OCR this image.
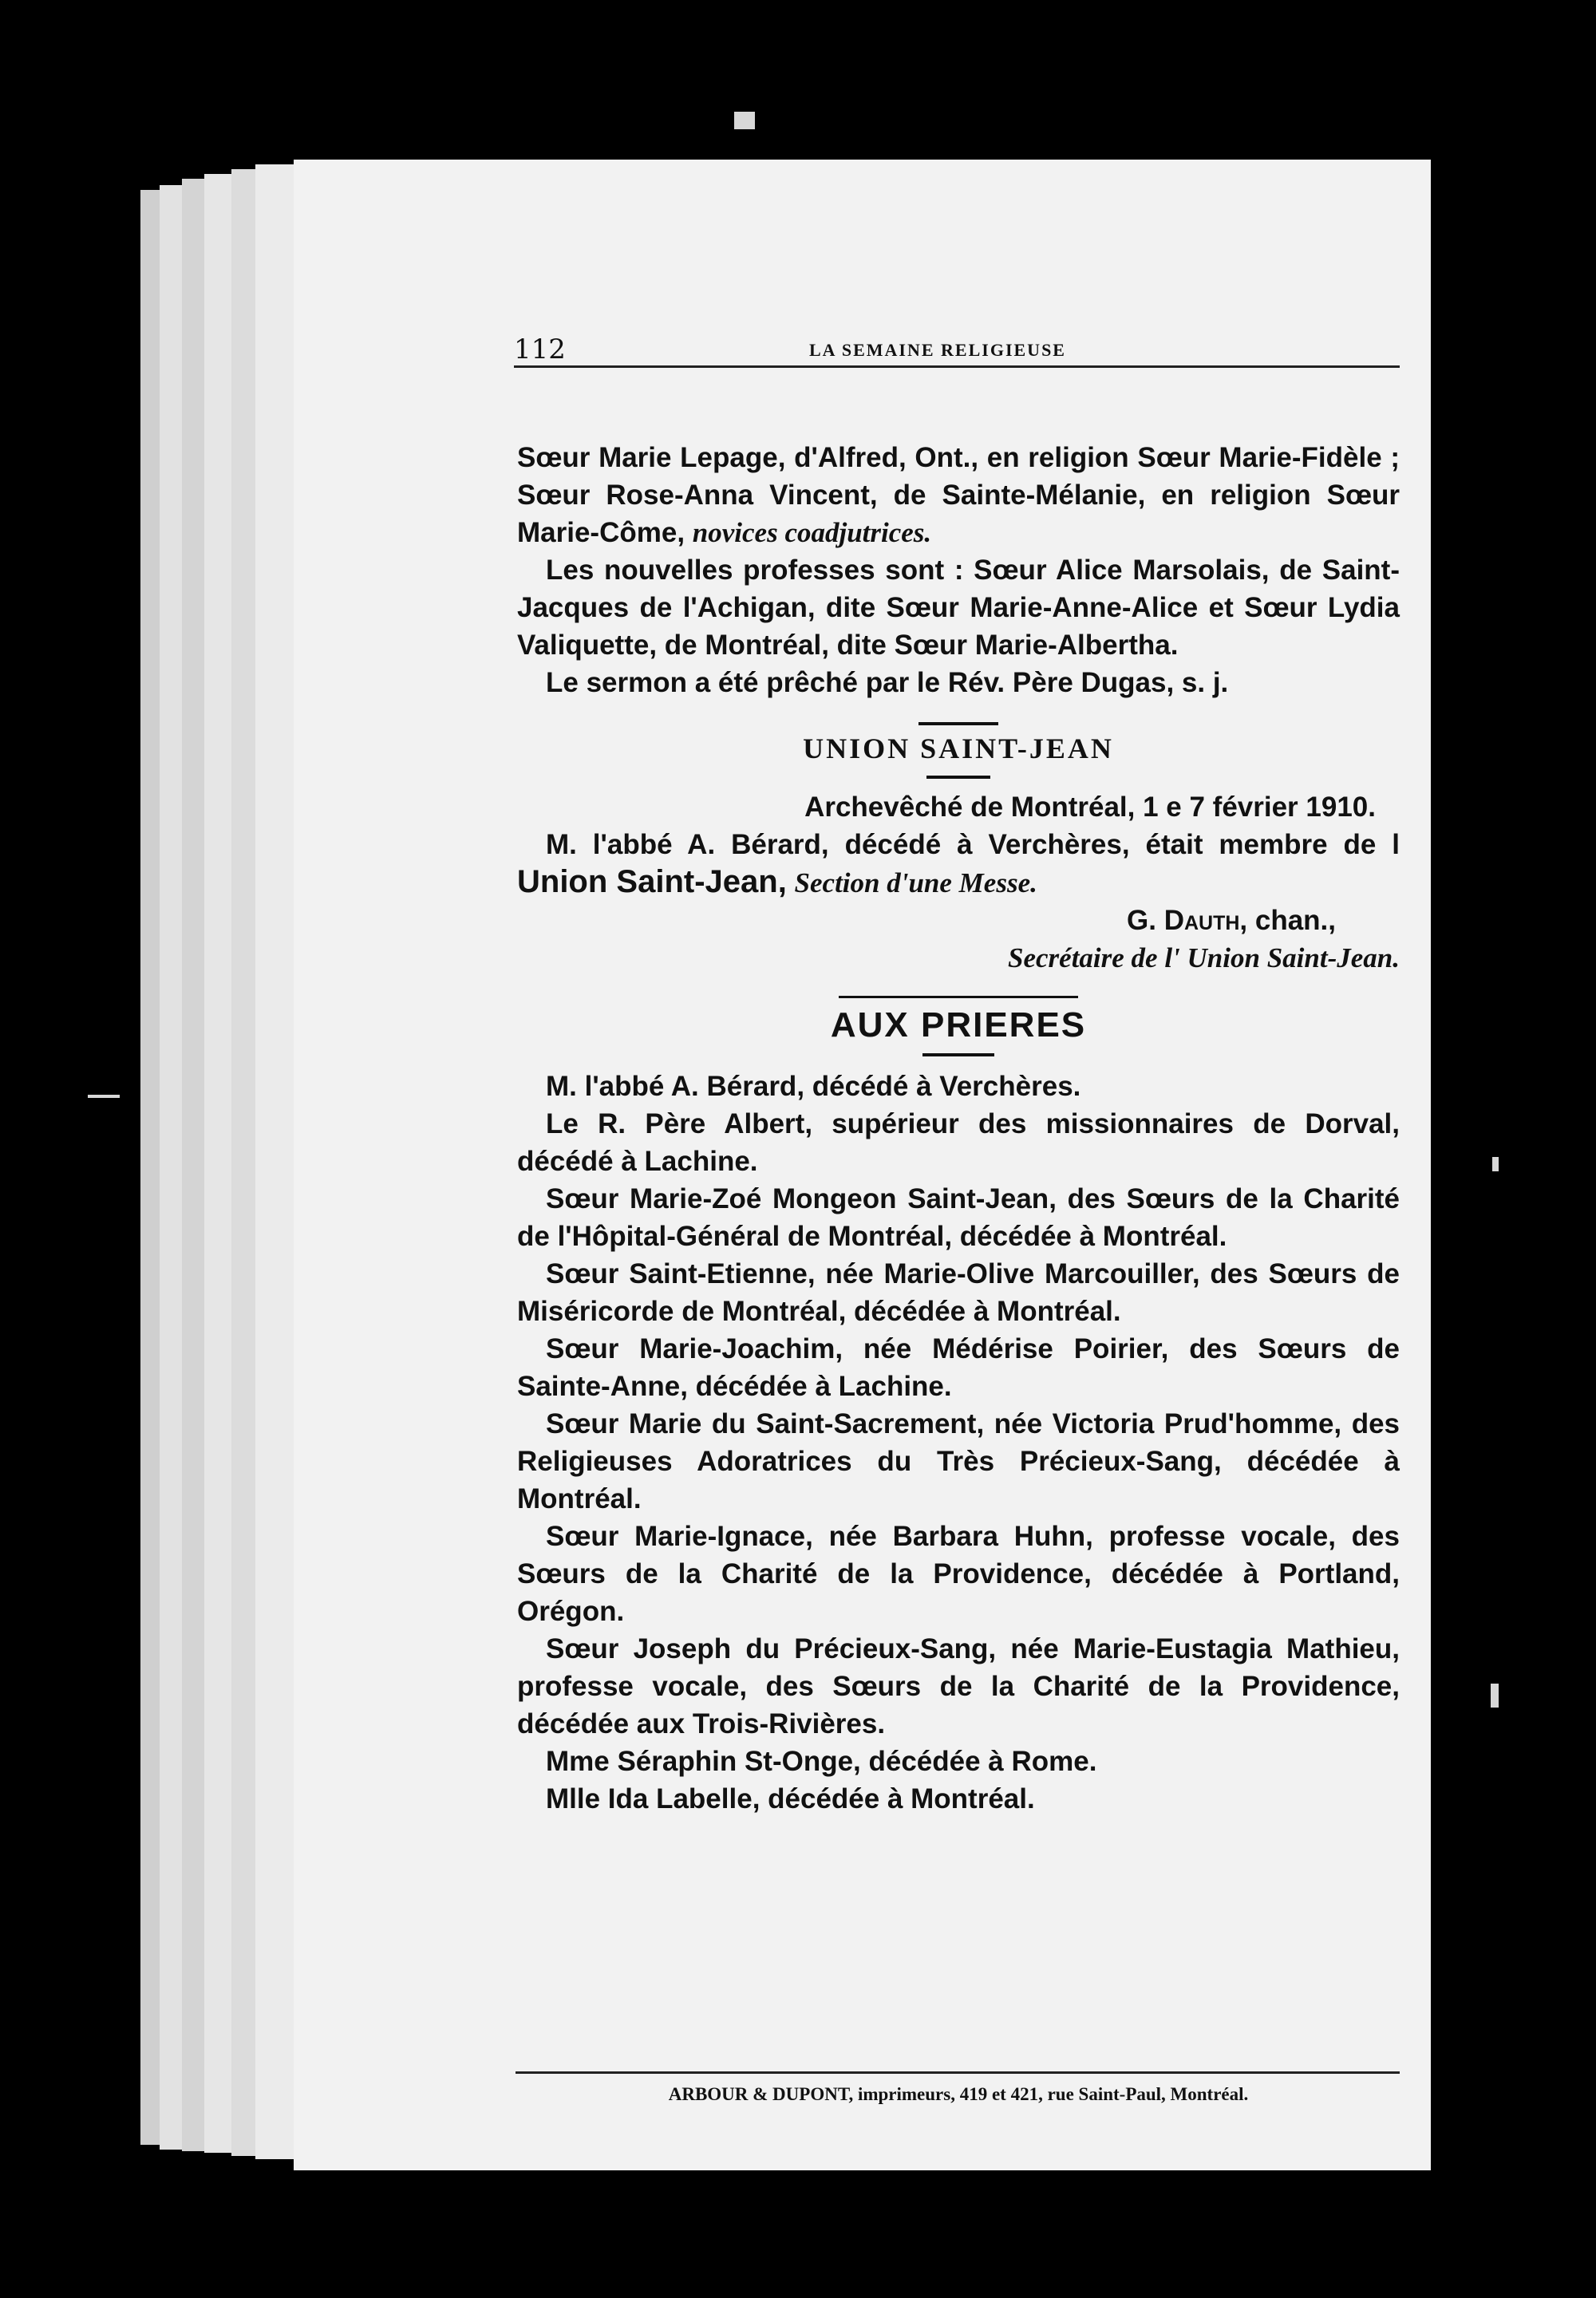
112	LA SEMAINE RELIGIEUSE

Sœur Marie Lepage, d'Alfred, Ont., en religion Sœur Marie-Fidèle ; Sœur Rose-Anna Vincent, de Sainte-Mélanie, en religion Sœur Marie-Côme, novices coadjutrices.

Les nouvelles professes sont : Sœur Alice Marsolais, de Saint-Jacques de l'Achigan, dite Sœur Marie-Anne-Alice et Sœur Lydia Valiquette, de Montréal, dite Sœur Marie-Albertha.

Le sermon a été prêché par le Rév. Père Dugas, s. j.

UNION SAINT-JEAN

Archevêché de Montréal, 1 e 7 février 1910.

M. l'abbé A. Bérard, décédé à Verchères, était membre de l Union Saint-Jean, Section d'une Messe.

G. Dauth, chan.,

Secrétaire de l' Union Saint-Jean.

AUX PRIERES

M. l'abbé A. Bérard, décédé à Verchères.

Le R. Père Albert, supérieur des missionnaires de Dorval, décédé à Lachine.

Sœur Marie-Zoé Mongeon Saint-Jean, des Sœurs de la Charité de l'Hôpital-Général de Montréal, décédée à Montréal.

Sœur Saint-Etienne, née Marie-Olive Marcouiller, des Sœurs de Miséricorde de Montréal, décédée à Montréal.

Sœur Marie-Joachim, née Médérise Poirier, des Sœurs de Sainte-Anne, décédée à Lachine.

Sœur Marie du Saint-Sacrement, née Victoria Prud'homme, des Religieuses Adoratrices du Très Précieux-Sang, décédée à Montréal.

Sœur Marie-Ignace, née Barbara Huhn, professe vocale, des Sœurs de la Charité de la Providence, décédée à Portland, Orégon.

Sœur Joseph du Précieux-Sang, née Marie-Eustagia Mathieu, professe vocale, des Sœurs de la Charité de la Providence, décédée aux Trois-Rivières.

Mme Séraphin St-Onge, décédée à Rome.

Mlle Ida Labelle, décédée à Montréal.

ARBOUR & DUPONT, imprimeurs, 419 et 421, rue Saint-Paul, Montréal.
